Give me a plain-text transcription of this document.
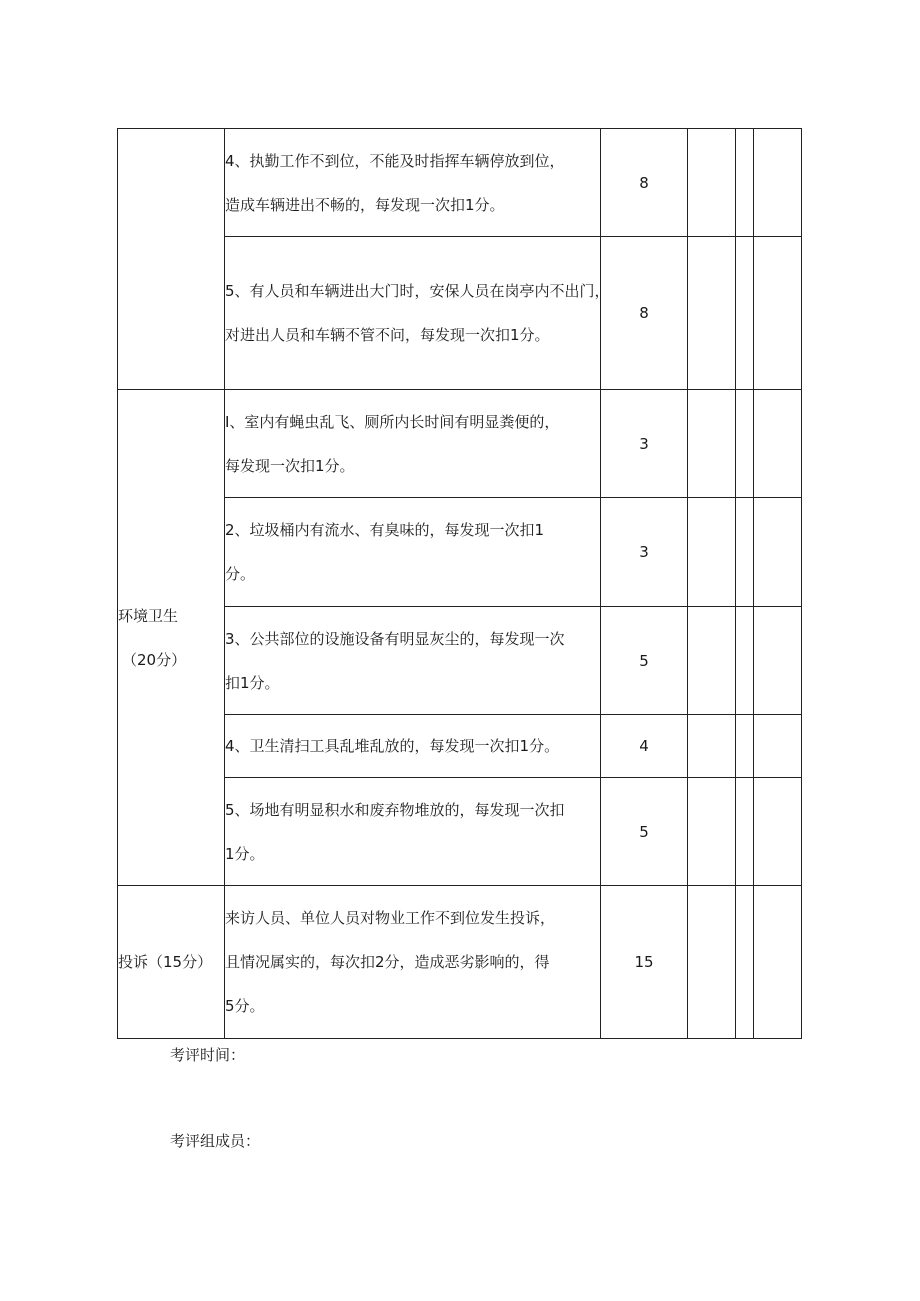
	4、执勤工作不到位，不能及时指挥车辆停放到位，
造成车辆进出不畅的，每发现一次扣1分。	8			

	5、有人员和车辆进出大门时，安保人员在岗亭内不出门，
对进出人员和车辆不管不问，每发现一次扣1分。	8			

环境卫生
（20分）	I、室内有蝇虫乱飞、厕所内长时间有明显粪便的，
每发现一次扣1分。	3			

	2、垃圾桶内有流水、有臭味的，每发现一次扣1
分。	3			

	3、公共部位的设施设备有明显灰尘的，每发现一次
扣1分。	5			

	4、卫生清扫工具乱堆乱放的，每发现一次扣1分。	4			

	5、场地有明显积水和废弃物堆放的，每发现一次扣
1分。	5			
投诉（15分）	来访人员、单位人员对物业工作不到位发生投诉，
且情况属实的，每次扣2分，造成恶劣影响的，得
5分。	15			
考评时间：
考评组成员：
